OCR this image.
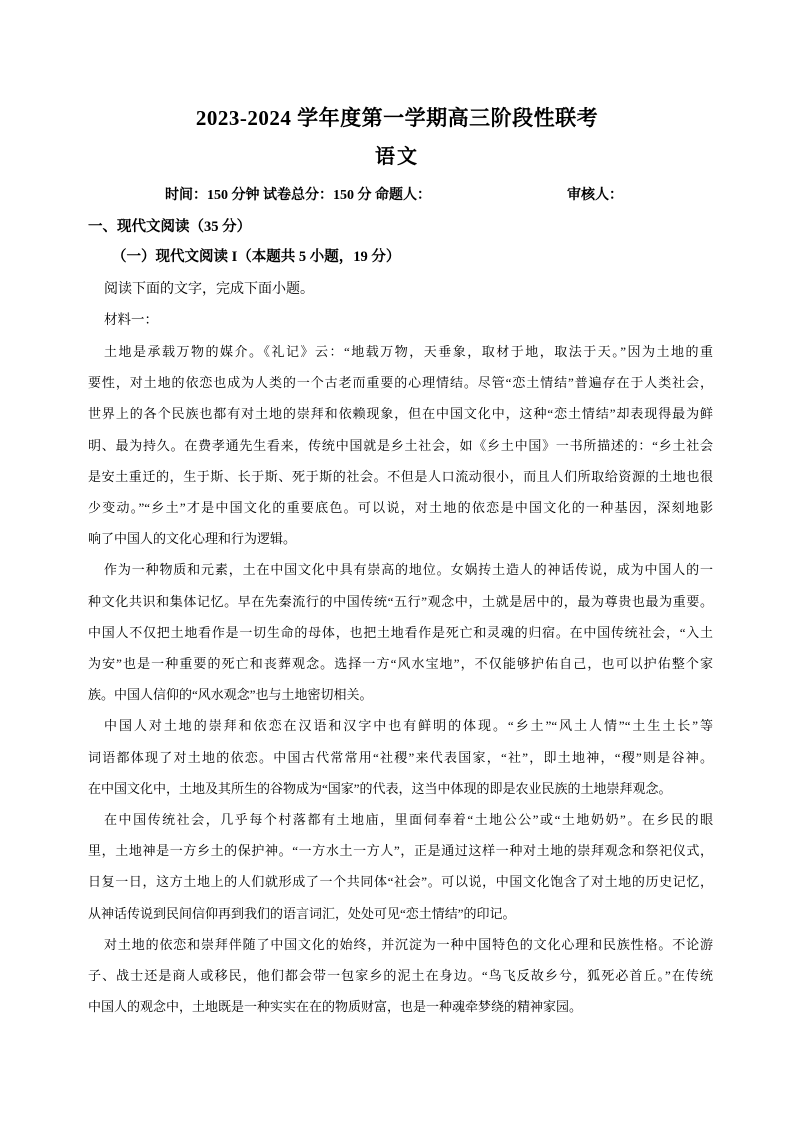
2023-2024 学年度第一学期高三阶段性联考
语文
时间：150 分钟 试卷总分：150 分 命题人：	审核人：
一、现代文阅读（35 分）
（一）现代文阅读 I（本题共 5 小题，19 分）
阅读下面的文字，完成下面小题。
材料一：
土地是承载万物的媒介。《礼记》云：“地载万物，天垂象，取材于地，取法于天。”因为土地的重
要性，对土地的依恋也成为人类的一个古老而重要的心理情结。尽管“恋土情结”普遍存在于人类社会，
世界上的各个民族也都有对土地的崇拜和依赖现象，但在中国文化中，这种“恋土情结”却表现得最为鲜
明、最为持久。在费孝通先生看来，传统中国就是乡土社会，如《乡土中国》一书所描述的：“乡土社会
是安土重迁的，生于斯、长于斯、死于斯的社会。不但是人口流动很小，而且人们所取给资源的土地也很
少变动。”“乡土”才是中国文化的重要底色。可以说，对土地的依恋是中国文化的一种基因，深刻地影
响了中国人的文化心理和行为逻辑。
作为一种物质和元素，土在中国文化中具有崇高的地位。女娲抟土造人的神话传说，成为中国人的一
种文化共识和集体记忆。早在先秦流行的中国传统“五行”观念中，土就是居中的，最为尊贵也最为重要。
中国人不仅把土地看作是一切生命的母体，也把土地看作是死亡和灵魂的归宿。在中国传统社会，“入土
为安”也是一种重要的死亡和丧葬观念。选择一方“风水宝地”，不仅能够护佑自己，也可以护佑整个家
族。中国人信仰的“风水观念”也与土地密切相关。
中国人对土地的崇拜和依恋在汉语和汉字中也有鲜明的体现。“乡土”“风土人情”“土生土长”等
词语都体现了对土地的依恋。中国古代常常用“社稷”来代表国家，“社”，即土地神，“稷”则是谷神。
在中国文化中，土地及其所生的谷物成为“国家”的代表，这当中体现的即是农业民族的土地崇拜观念。
在中国传统社会，几乎每个村落都有土地庙，里面伺奉着“土地公公”或“土地奶奶”。在乡民的眼
里，土地神是一方乡土的保护神。“一方水土一方人”，正是通过这样一种对土地的崇拜观念和祭祀仪式，
日复一日，这方土地上的人们就形成了一个共同体“社会”。可以说，中国文化饱含了对土地的历史记忆，
从神话传说到民间信仰再到我们的语言词汇，处处可见“恋土情结”的印记。
对土地的依恋和崇拜伴随了中国文化的始终，并沉淀为一种中国特色的文化心理和民族性格。不论游
子、战士还是商人或移民，他们都会带一包家乡的泥土在身边。“鸟飞反故乡兮，狐死必首丘。”在传统
中国人的观念中，土地既是一种实实在在的物质财富，也是一种魂牵梦绕的精神家园。
